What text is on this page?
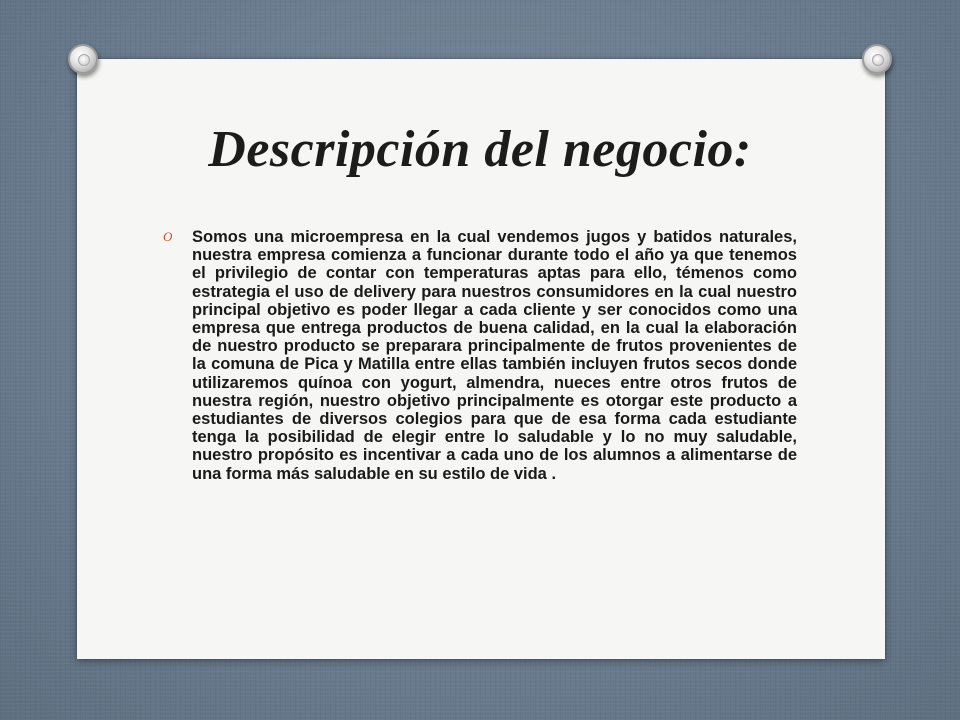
Descripción del negocio:
O Somos una microempresa en la cual vendemos jugos y batidos naturales, nuestra empresa comienza a funcionar durante todo el año ya que tenemos el privilegio de contar con temperaturas aptas para ello, témenos como estrategia el uso de delivery para nuestros consumidores en la cual nuestro principal objetivo es poder llegar a cada cliente y ser conocidos como una empresa que entrega productos de buena calidad, en la cual la elaboración de nuestro producto se preparara principalmente de frutos provenientes de la comuna de Pica y Matilla entre ellas también incluyen frutos secos donde utilizaremos quínoa con yogurt, almendra, nueces entre otros frutos de nuestra región, nuestro objetivo principalmente es otorgar este producto a estudiantes de diversos colegios para que de esa forma cada estudiante tenga la posibilidad de elegir entre lo saludable y lo no muy saludable, nuestro propósito es incentivar a cada uno de los alumnos a alimentarse de una forma más saludable en su estilo de vida .
